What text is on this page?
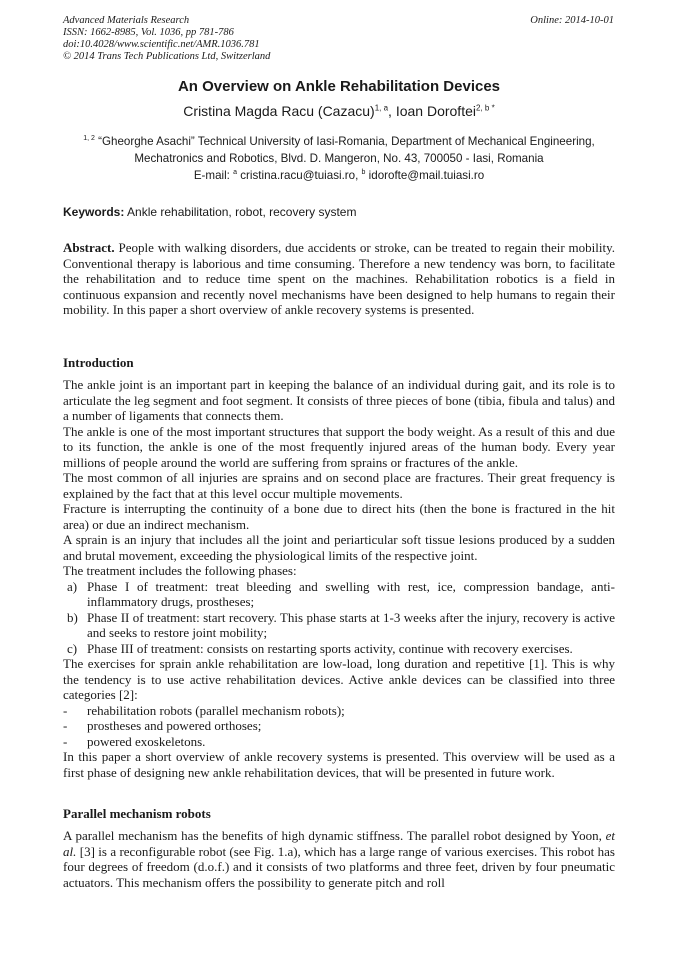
Advanced Materials Research
ISSN: 1662-8985, Vol. 1036, pp 781-786
doi:10.4028/www.scientific.net/AMR.1036.781
© 2014 Trans Tech Publications Ltd, Switzerland
Online: 2014-10-01
An Overview on Ankle Rehabilitation Devices
Cristina Magda Racu (Cazacu)$^{1, a}$, Ioan Doroftei$^{2, b *}$
$^{1, 2}$ “Gheorghe Asachi” Technical University of Iasi-Romania, Department of Mechanical Engineering, Mechatronics and Robotics, Blvd. D. Mangeron, No. 43, 700050 - Iasi, Romania
E-mail: $^a$ cristina.racu@tuiasi.ro, $^b$ idorofte@mail.tuiasi.ro
Keywords: Ankle rehabilitation, robot, recovery system

Abstract. People with walking disorders, due accidents or stroke, can be treated to regain their mobility. Conventional therapy is laborious and time consuming. Therefore a new tendency was born, to facilitate the rehabilitation and to reduce time spent on the machines. Rehabilitation robotics is a field in continuous expansion and recently novel mechanisms have been designed to help humans to regain their mobility. In this paper a short overview of ankle recovery systems is presented.

Introduction

The ankle joint is an important part in keeping the balance of an individual during gait, and its role is to articulate the leg segment and foot segment. It consists of three pieces of bone (tibia, fibula and talus) and a number of ligaments that connects them.

The ankle is one of the most important structures that support the body weight. As a result of this and due to its function, the ankle is one of the most frequently injured areas of the human body. Every year millions of people around the world are suffering from sprains or fractures of the ankle.

The most common of all injuries are sprains and on second place are fractures. Their great frequency is explained by the fact that at this level occur multiple movements.

Fracture is interrupting the continuity of a bone due to direct hits (then the bone is fractured in the hit area) or due an indirect mechanism.

A sprain is an injury that includes all the joint and periarticular soft tissue lesions produced by a sudden and brutal movement, exceeding the physiological limits of the respective joint.

The treatment includes the following phases:

a) Phase I of treatment: treat bleeding and swelling with rest, ice, compression bandage, anti-inflammatory drugs, prostheses;
b) Phase II of treatment: start recovery. This phase starts at 1-3 weeks after the injury, recovery is active and seeks to restore joint mobility;
c) Phase III of treatment: consists on restarting sports activity, continue with recovery exercises.

The exercises for sprain ankle rehabilitation are low-load, long duration and repetitive [1]. This is why the tendency is to use active rehabilitation devices. Active ankle devices can be classified into three categories [2]:

-	rehabilitation robots (parallel mechanism robots);
-	prostheses and powered orthoses;
-	powered exoskeletons.

In this paper a short overview of ankle recovery systems is presented. This overview will be used as a first phase of designing new ankle rehabilitation devices, that will be presented in future work.

Parallel mechanism robots

A parallel mechanism has the benefits of high dynamic stiffness. The parallel robot designed by Yoon, et al. [3] is a reconfigurable robot (see Fig. 1.a), which has a large range of various exercises. This robot has four degrees of freedom (d.o.f.) and it consists of two platforms and three feet, driven by four pneumatic actuators. This mechanism offers the possibility to generate pitch and roll
